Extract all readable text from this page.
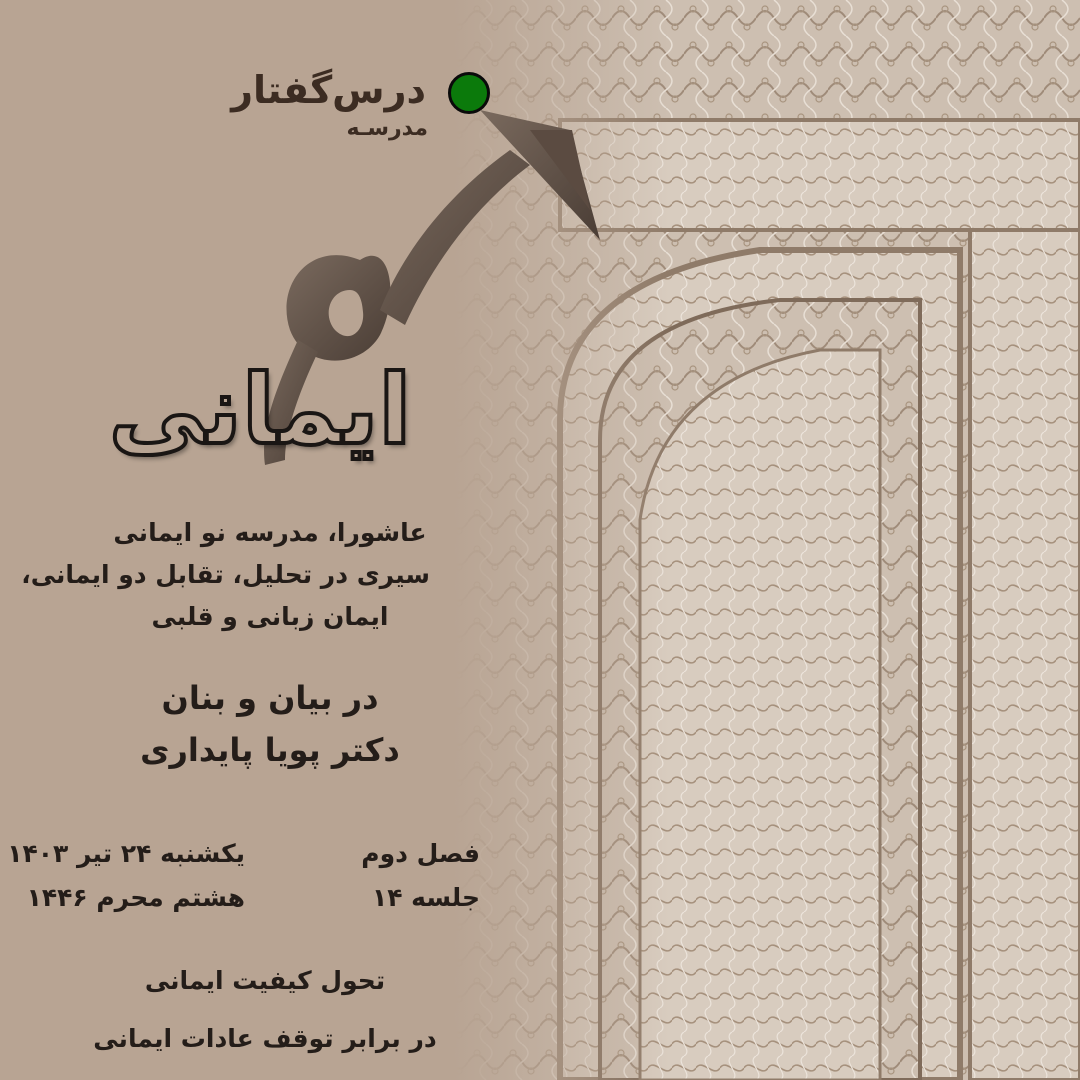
درس‌گفتار
مدرسـه
ایمانی
عاشورا، مدرسه نو ایمانی
سیری در تحلیل، تقابل دو ایمانی،
ایمان زبانی و قلبی
در بیان و بنان
دکتر پویا پایداری
یکشنبه ۲۴ تیر ۱۴۰۳
هشتم محرم ۱۴۴۶
فصل دوم
جلسه ۱۴
تحول کیفیت ایمانی
در برابر توقف عادات ایمانی
